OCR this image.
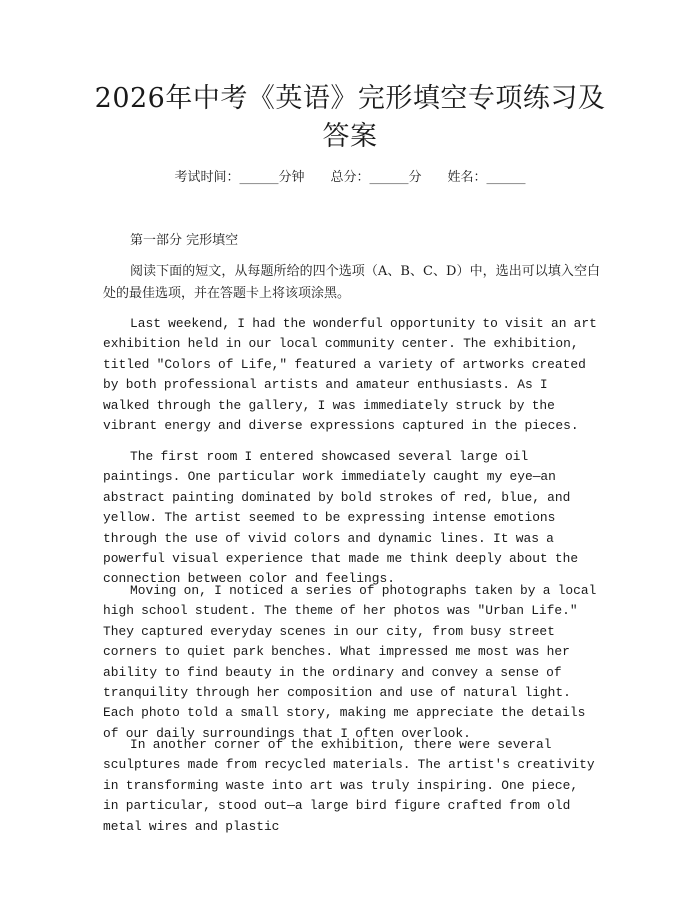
2026年中考《英语》完形填空专项练习及答案
考试时间：______分钟 总分：______分 姓名：______
第一部分 完形填空

阅读下面的短文，从每题所给的四个选项（A、B、C、D）中，选出可以填入空白处的最佳选项，并在答题卡上将该项涂黑。

Last weekend, I had the wonderful opportunity to visit an art exhibition held in our local community center. The exhibition, titled "Colors of Life," featured a variety of artworks created by both professional artists and amateur enthusiasts. As I walked through the gallery, I was immediately struck by the vibrant energy and diverse expressions captured in the pieces.

The first room I entered showcased several large oil paintings. One particular work immediately caught my eye—an abstract painting dominated by bold strokes of red, blue, and yellow. The artist seemed to be expressing intense emotions through the use of vivid colors and dynamic lines. It was a powerful visual experience that made me think deeply about the connection between color and feelings.

Moving on, I noticed a series of photographs taken by a local high school student. The theme of her photos was "Urban Life." They captured everyday scenes in our city, from busy street corners to quiet park benches. What impressed me most was her ability to find beauty in the ordinary and convey a sense of tranquility through her composition and use of natural light. Each photo told a small story, making me appreciate the details of our daily surroundings that I often overlook.

In another corner of the exhibition, there were several sculptures made from recycled materials. The artist's creativity in transforming waste into art was truly inspiring. One piece, in particular, stood out—a large bird figure crafted from old metal wires and plastic
